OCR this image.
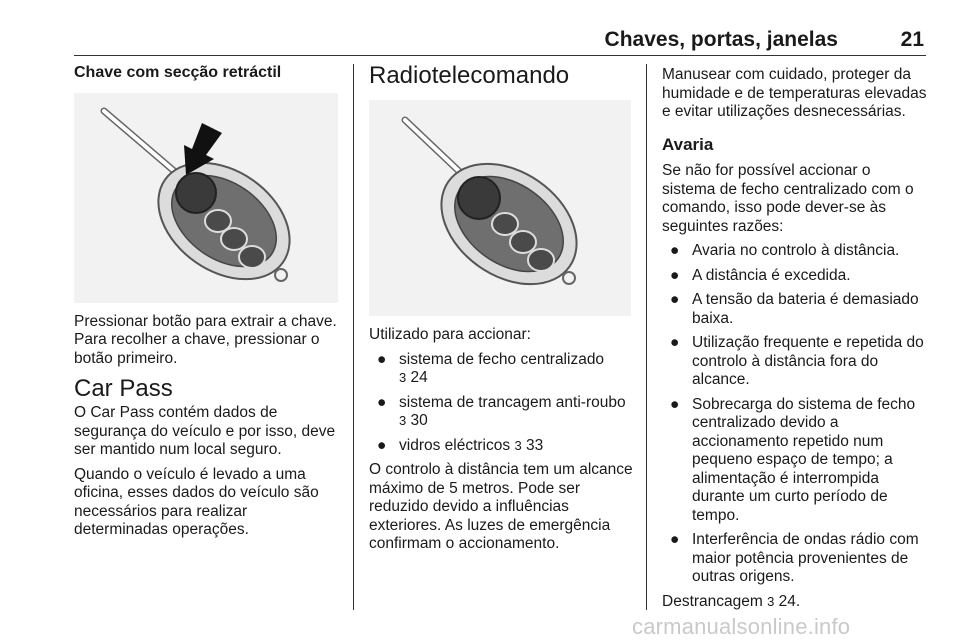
Chaves, portas, janelas	21
Chave com secção retráctil

Pressionar botão para extrair a chave. Para recolher a chave, pressionar o botão primeiro.

Car Pass

O Car Pass contém dados de segurança do veículo e por isso, deve ser mantido num local seguro.

Quando o veículo é levado a uma oficina, esses dados do veículo são necessários para realizar determinadas operações.

Radiotelecomando

Utilizado para accionar:

● sistema de fecho centralizado
3 24
● sistema de trancagem anti-roubo
3 30
● vidros eléctricos 3 33

O controlo à distância tem um alcance máximo de 5 metros. Pode ser reduzido devido a influências exteriores. As luzes de emergência confirmam o accionamento.

Manusear com cuidado, proteger da humidade e de temperaturas elevadas e evitar utilizações desnecessárias.

Avaria

Se não for possível accionar o sistema de fecho centralizado com o comando, isso pode dever-se às seguintes razões:

● Avaria no controlo à distância.
● A distância é excedida.
● A tensão da bateria é demasiado baixa.
● Utilização frequente e repetida do controlo à distância fora do alcance.
● Sobrecarga do sistema de fecho centralizado devido a accionamento repetido num pequeno espaço de tempo; a alimentação é interrompida durante um curto período de tempo.
● Interferência de ondas rádio com maior potência provenientes de outras origens.

Destrancagem 3 24.

carmanualsonline.info
